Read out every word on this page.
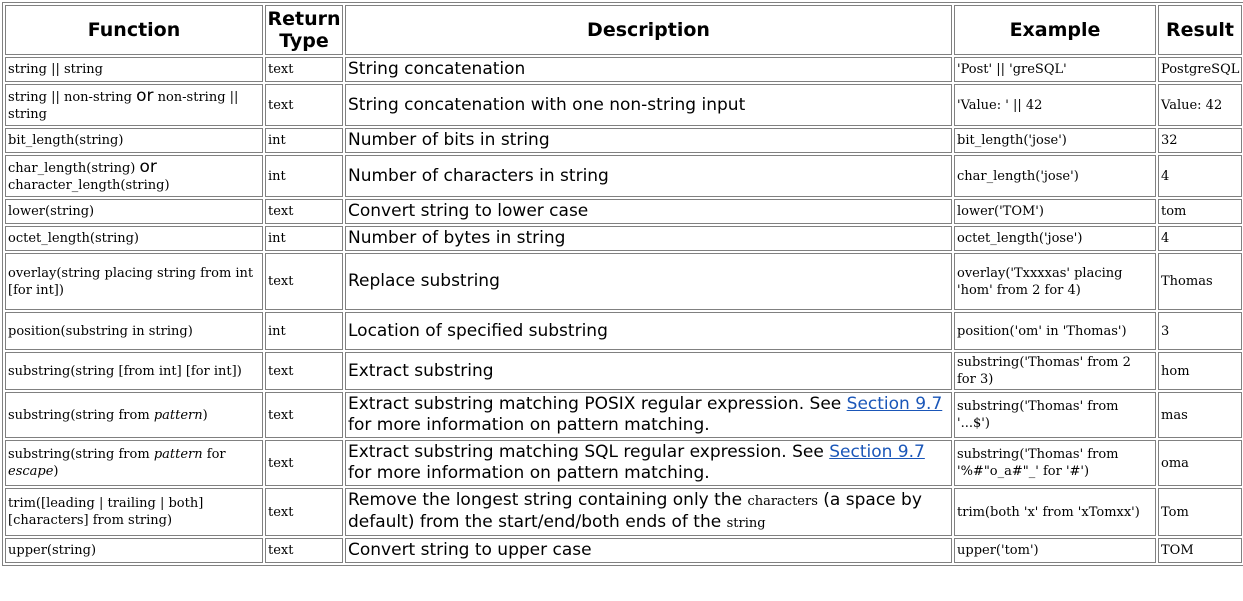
Function	Return Type	Description	Example	Result
string || string	text	String concatenation	'Post' || 'greSQL'	PostgreSQL
string || non-string or non-string || string	text	String concatenation with one non-string input	'Value: ' || 42	Value: 42
bit_length(string)	int	Number of bits in string	bit_length('jose')	32
char_length(string) or character_length(string)	int	Number of characters in string	char_length('jose')	4
lower(string)	text	Convert string to lower case	lower('TOM')	tom
octet_length(string)	int	Number of bytes in string	octet_length('jose')	4
overlay(string placing string from int [for int])	text	Replace substring	overlay('Txxxxas' placing 'hom' from 2 for 4)	Thomas
position(substring in string)	int	Location of specified substring	position('om' in 'Thomas')	3
substring(string [from int] [for int])	text	Extract substring	substring('Thomas' from 2 for 3)	hom
substring(string from pattern)	text	Extract substring matching POSIX regular expression. See Section 9.7 for more information on pattern matching.	substring('Thomas' from '...$')	mas
substring(string from pattern for escape)	text	Extract substring matching SQL regular expression. See Section 9.7 for more information on pattern matching.	substring('Thomas' from '%#"o_a#"_' for '#')	oma
trim([leading | trailing | both] [characters] from string)	text	Remove the longest string containing only the characters (a space by default) from the start/end/both ends of the string	trim(both 'x' from 'xTomxx')	Tom
upper(string)	text	Convert string to upper case	upper('tom')	TOM
